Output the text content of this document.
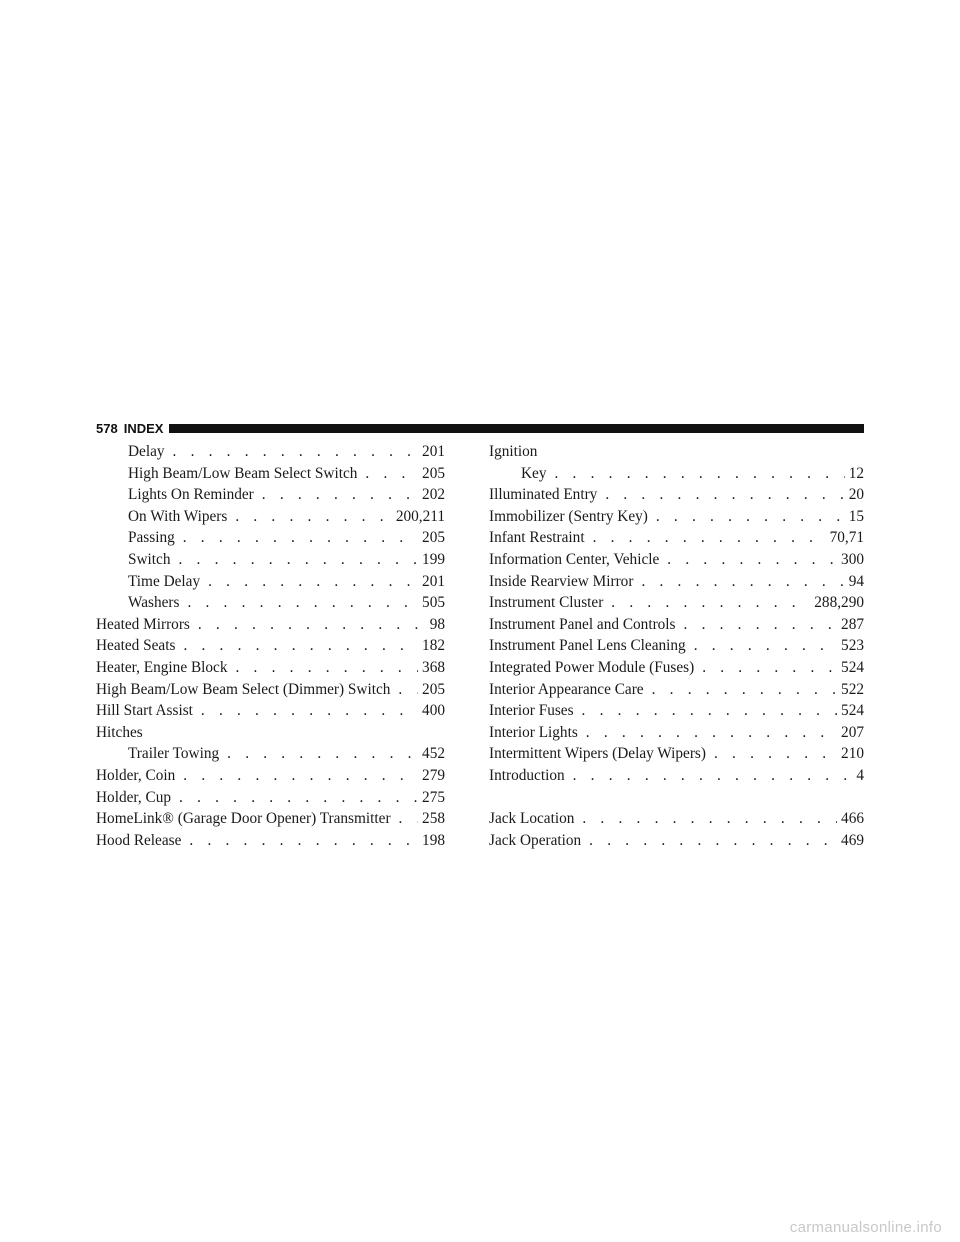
578 INDEX
Delay . . .	201
High Beam/Low Beam Select Switch . . .	205
Lights On Reminder . . .	202
On With Wipers . . .	200,211
Passing . . .	205
Switch . . .	199
Time Delay . . .	201
Washers . . .	505
Heated Mirrors . . .	98
Heated Seats . . .	182
Heater, Engine Block . . .	368
High Beam/Low Beam Select (Dimmer) Switch . . . 205
Hill Start Assist . . .	400
Hitches
Trailer Towing . . .	452
Holder, Coin . . .	279
Holder, Cup . . .	275
HomeLink® (Garage Door Opener) Transmitter . . . 258
Hood Release . . .	198
Ignition
Key . . .	12
Illuminated Entry . . .	20
Immobilizer (Sentry Key) . . .	15
Infant Restraint . . .	70,71
Information Center, Vehicle . . .	300
Inside Rearview Mirror . . .	94
Instrument Cluster . . .	288,290
Instrument Panel and Controls . . .	287
Instrument Panel Lens Cleaning . . .	523
Integrated Power Module (Fuses) . . .	524
Interior Appearance Care . . .	522
Interior Fuses . . .	524
Interior Lights . . .	207
Intermittent Wipers (Delay Wipers) . . .	210
Introduction . . .	4
Jack Location . . .	466
Jack Operation . . .	469
carmanualsonline.info
